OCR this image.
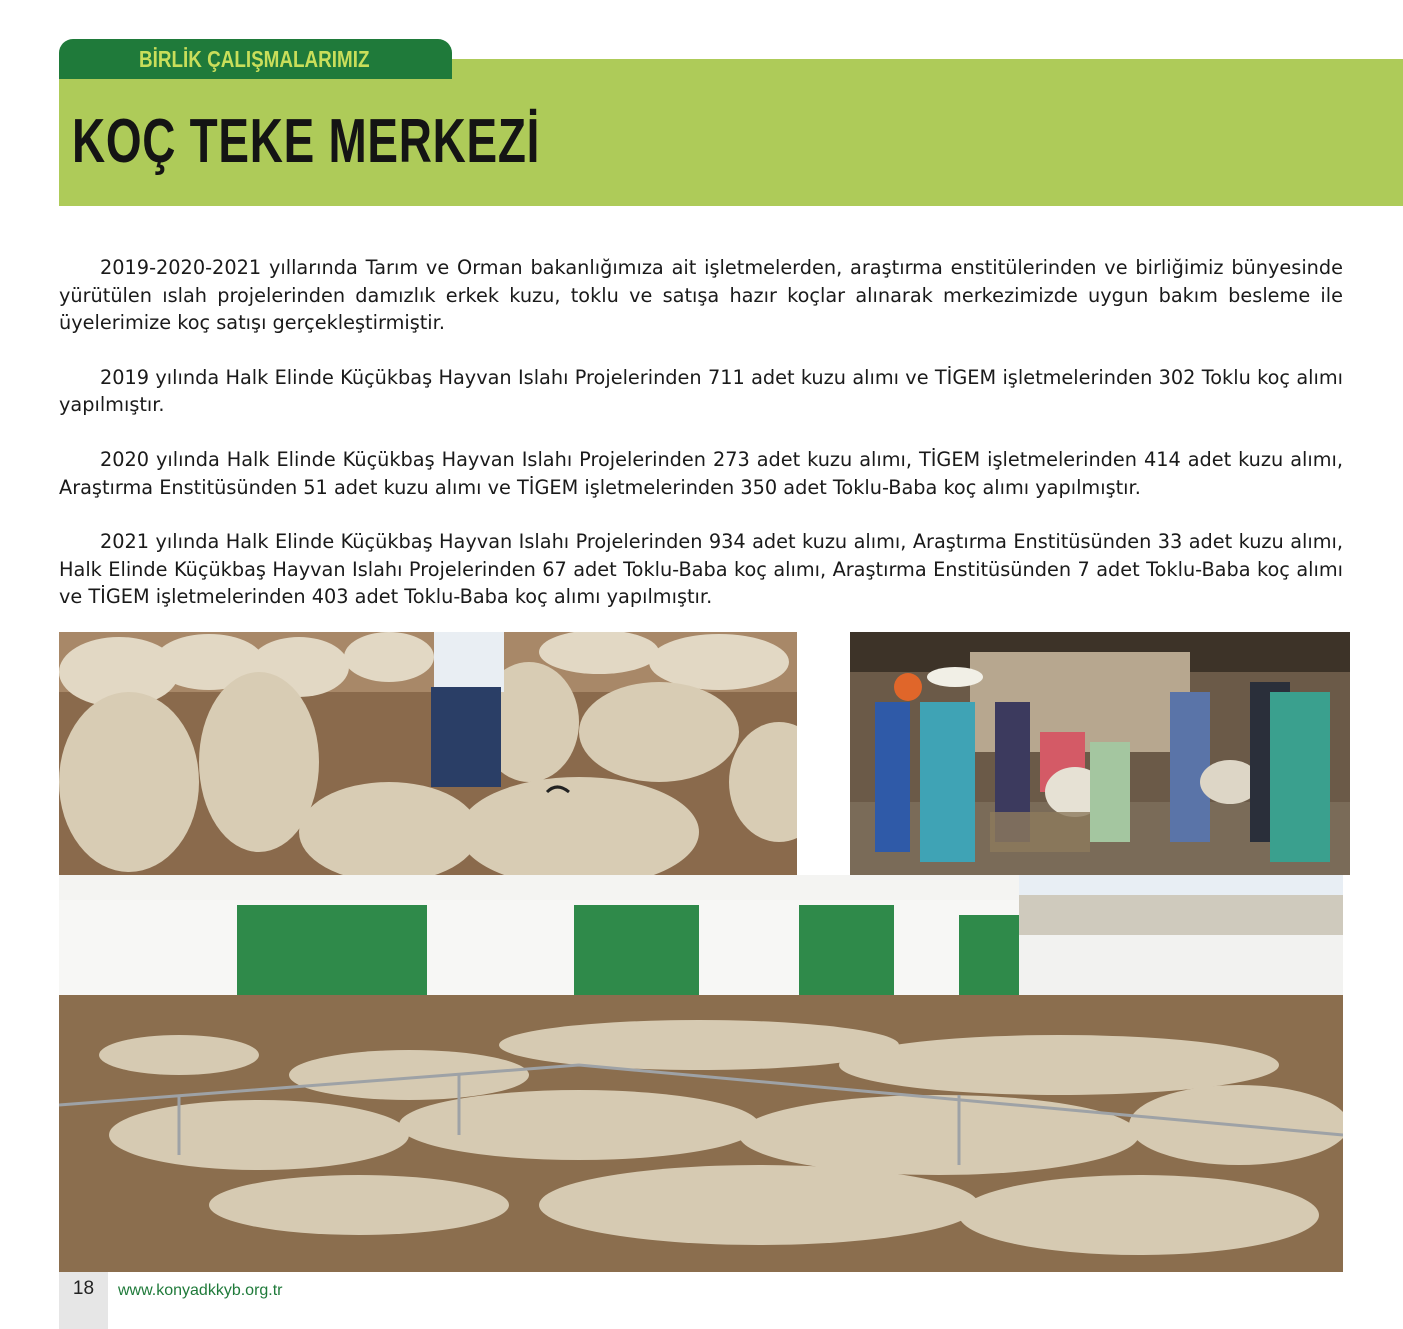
BİRLİK ÇALIŞMALARIMIZ
KOÇ TEKE MERKEZİ

2019-2020-2021 yıllarında Tarım ve Orman bakanlığımıza ait işletmelerden, araştırma enstitülerinden ve birliğimiz bünyesinde yürütülen ıslah projelerinden damızlık erkek kuzu, toklu ve satışa hazır koçlar alınarak merkezimizde uygun bakım besleme ile üyelerimize koç satışı gerçekleştirmiştir.

2019 yılında Halk Elinde Küçükbaş Hayvan Islahı Projelerinden 711 adet kuzu alımı ve TİGEM işletmelerinden 302 Toklu koç alımı yapılmıştır.

2020 yılında Halk Elinde Küçükbaş Hayvan Islahı Projelerinden 273 adet kuzu alımı, TİGEM işletmelerinden 414 adet kuzu alımı, Araştırma Enstitüsünden 51 adet kuzu alımı ve TİGEM işletmelerinden 350 adet Toklu-Baba koç alımı yapılmıştır.

2021 yılında Halk Elinde Küçükbaş Hayvan Islahı Projelerinden 934 adet kuzu alımı, Araştırma Enstitüsünden 33 adet kuzu alımı, Halk Elinde Küçükbaş Hayvan Islahı Projelerinden 67 adet Toklu-Baba koç alımı, Araştırma Enstitüsünden 7 adet Toklu-Baba koç alımı ve TİGEM işletmelerinden 403 adet Toklu-Baba koç alımı yapılmıştır.

18	www.konyadkkyb.org.tr
